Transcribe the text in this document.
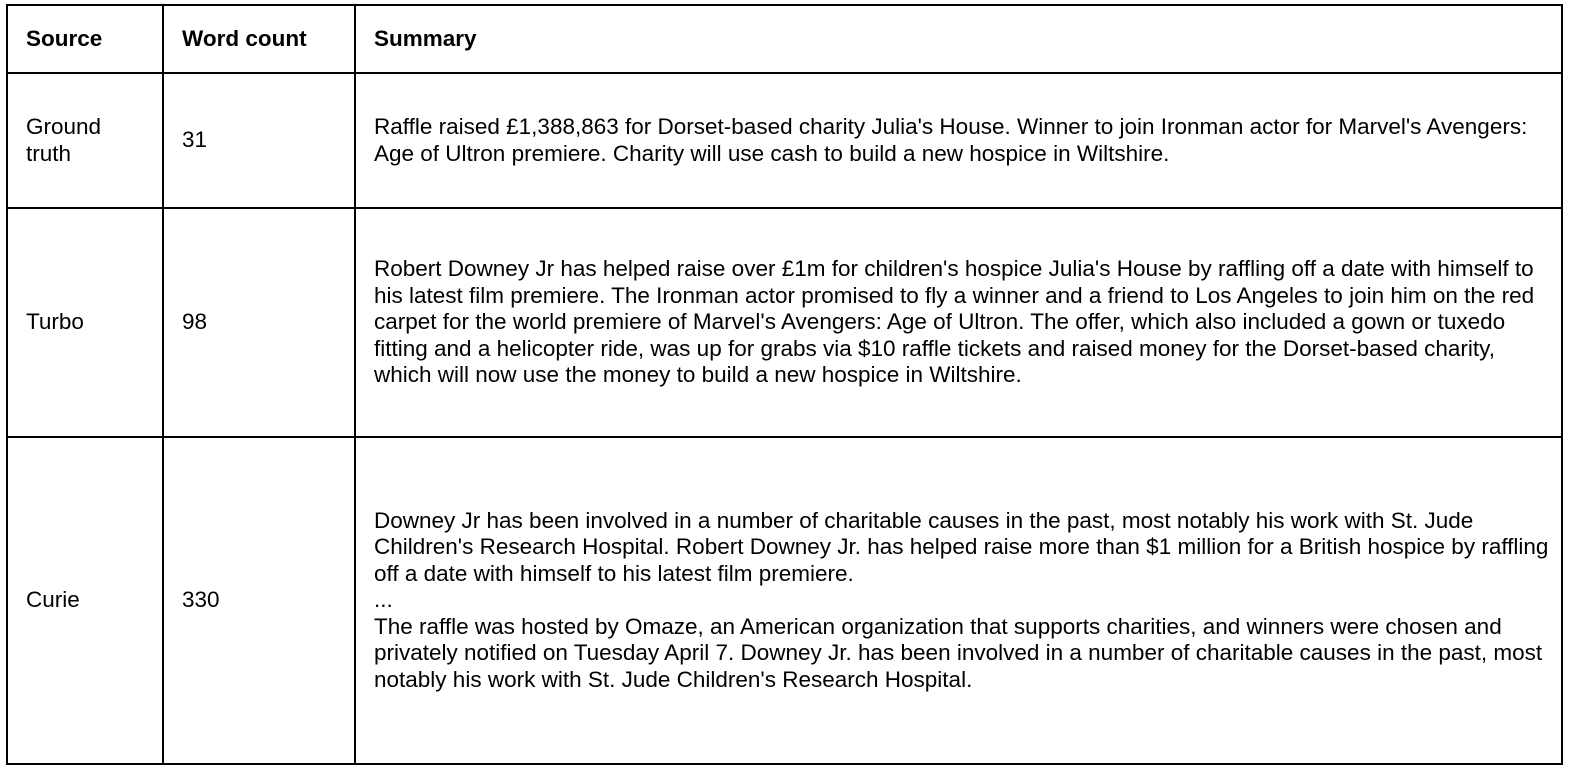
Source	Word count	Summary
Ground truth	31	Raffle raised £1,388,863 for Dorset-based charity Julia's House. Winner to join Ironman actor for Marvel's Avengers: Age of Ultron premiere. Charity will use cash to build a new hospice in Wiltshire.

Turbo	98	Robert Downey Jr has helped raise over £1m for children's hospice Julia's House by raffling off a date with himself to his latest film premiere. The Ironman actor promised to fly a winner and a friend to Los Angeles to join him on the red carpet for the world premiere of Marvel's Avengers: Age of Ultron. The offer, which also included a gown or tuxedo fitting and a helicopter ride, was up for grabs via $10 raffle tickets and raised money for the Dorset-based charity, which will now use the money to build a new hospice in Wiltshire.

Curie	330	Downey Jr has been involved in a number of charitable causes in the past, most notably his work with St. Jude Children's Research Hospital. Robert Downey Jr. has helped raise more than $1 million for a British hospice by raffling off a date with himself to his latest film premiere.
...
The raffle was hosted by Omaze, an American organization that supports charities, and winners were chosen and privately notified on Tuesday April 7. Downey Jr. has been involved in a number of charitable causes in the past, most notably his work with St. Jude Children's Research Hospital.
